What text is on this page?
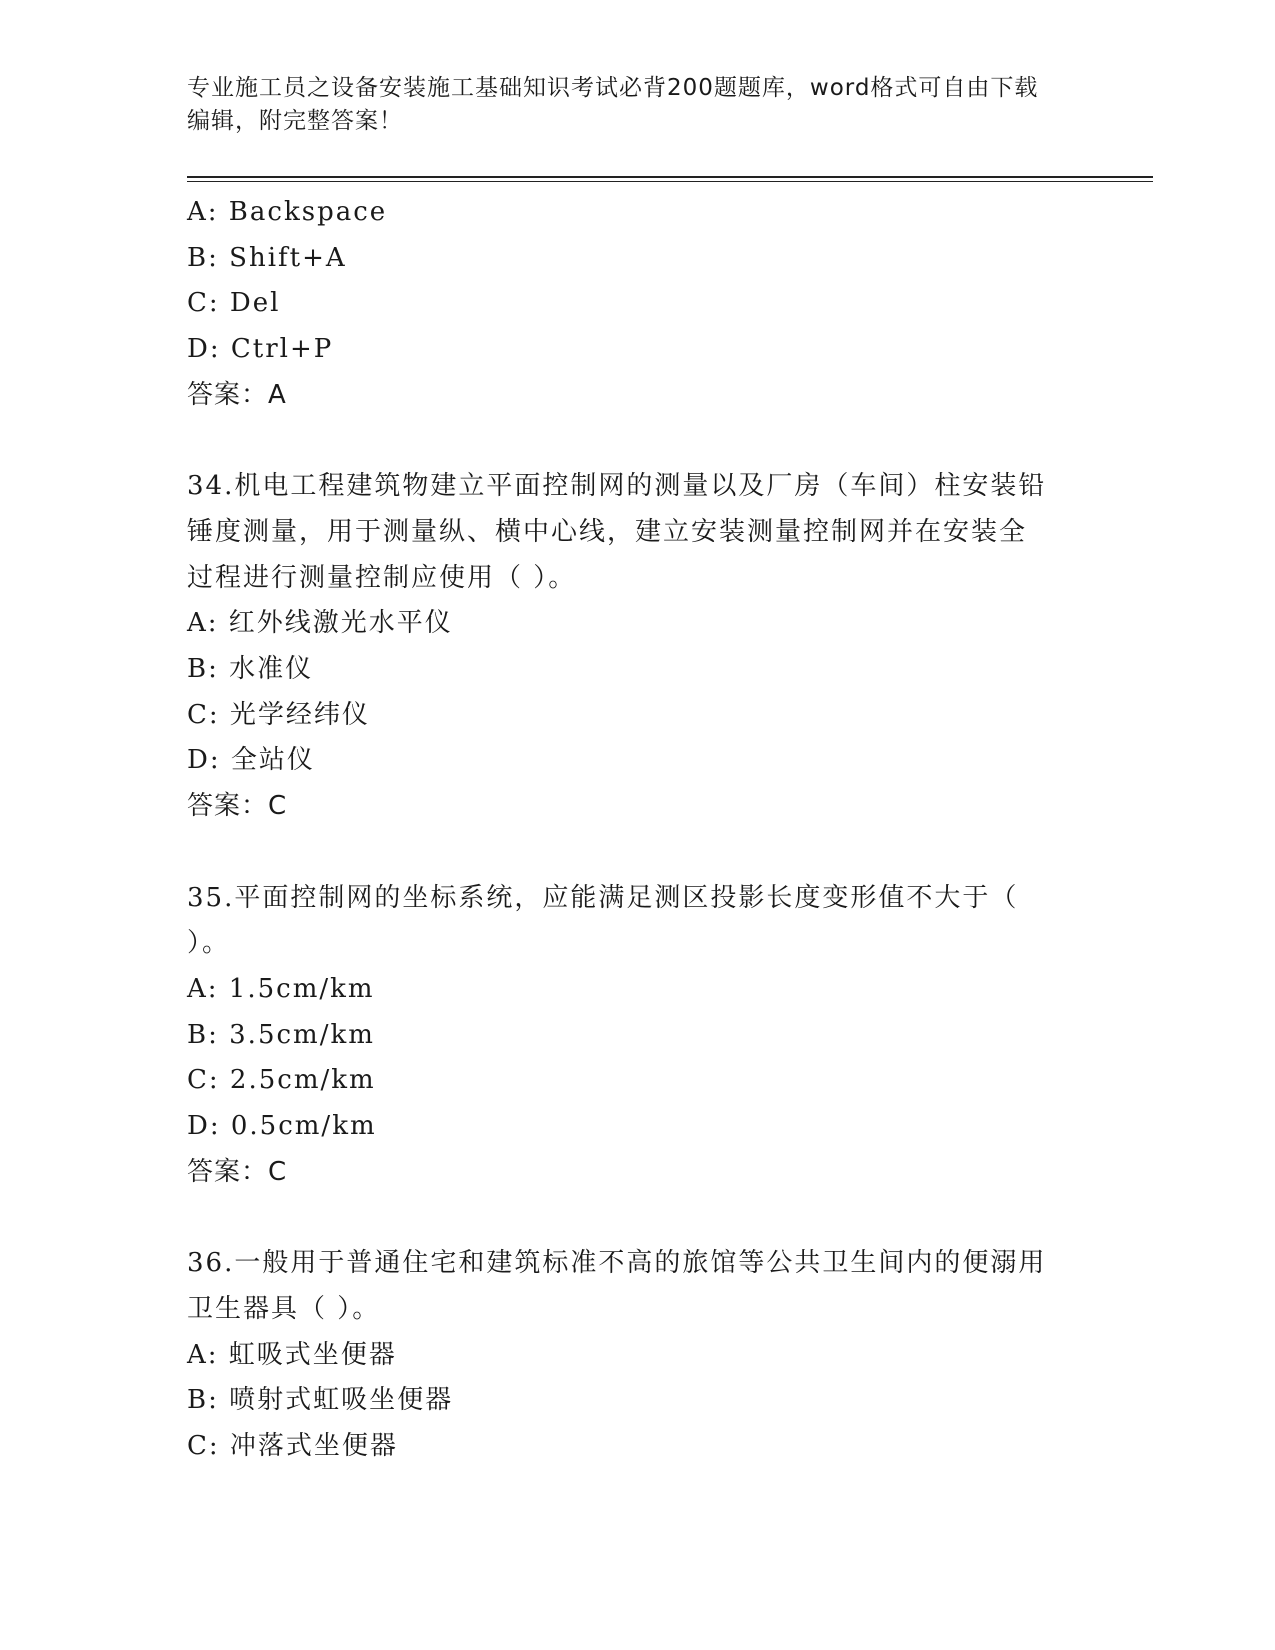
专业施工员之设备安装施工基础知识考试必背200题题库，word格式可自由下载
编辑，附完整答案！
A: Backspace
B: Shift+A
C: Del
D: Ctrl+P
答案：A
34.机电工程建筑物建立平面控制网的测量以及厂房（车间）柱安装铅
锤度测量，用于测量纵、横中心线，建立安装测量控制网并在安装全
过程进行测量控制应使用（ ）。
A: 红外线激光水平仪
B: 水准仪
C: 光学经纬仪
D: 全站仪
答案：C
35.平面控制网的坐标系统，应能满足测区投影长度变形值不大于（
）。
A: 1.5cm/km
B: 3.5cm/km
C: 2.5cm/km
D: 0.5cm/km
答案：C
36.一般用于普通住宅和建筑标准不高的旅馆等公共卫生间内的便溺用
卫生器具（ ）。
A: 虹吸式坐便器
B: 喷射式虹吸坐便器
C: 冲落式坐便器
